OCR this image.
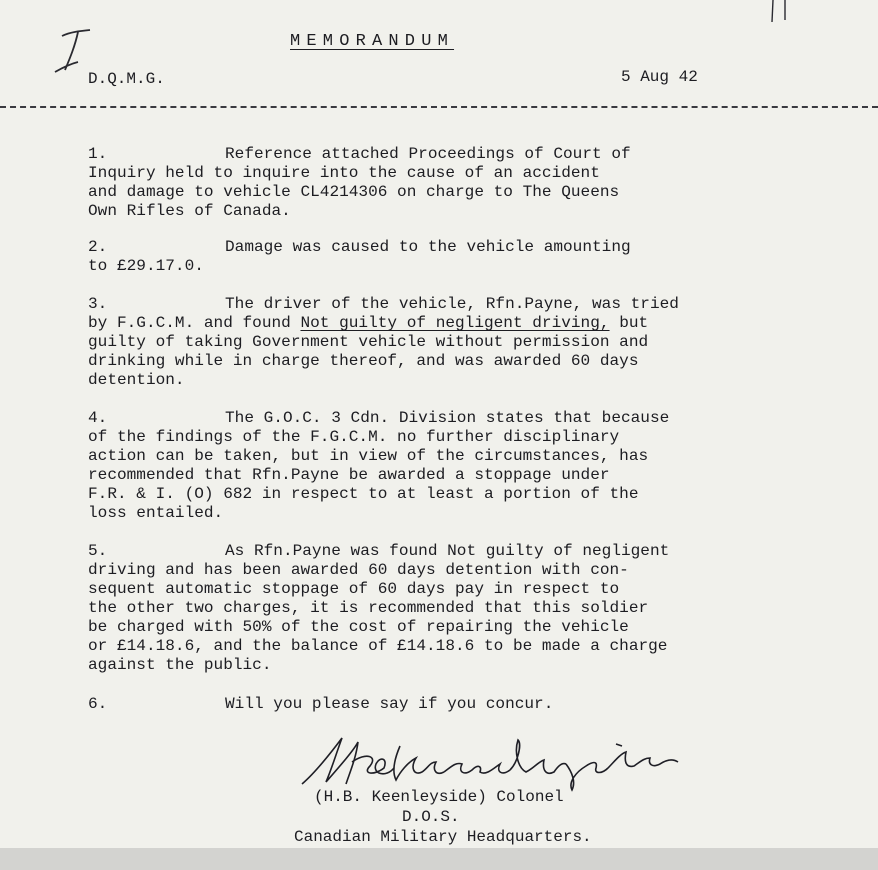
MEMORANDUM
D.Q.M.G.	5 Aug 42
1.	Reference attached Proceedings of Court of
Inquiry held to inquire into the cause of an accident
and damage to vehicle CL4214306 on charge to The Queens
Own Rifles of Canada.
2.	Damage was caused to the vehicle amounting
to £29.17.0.
3.	The driver of the vehicle, Rfn.Payne, was tried
by F.G.C.M. and found Not guilty of negligent driving, but
guilty of taking Government vehicle without permission and
drinking while in charge thereof, and was awarded 60 days
detention.
4.	The G.O.C. 3 Cdn. Division states that because
of the findings of the F.G.C.M. no further disciplinary
action can be taken, but in view of the circumstances, has
recommended that Rfn.Payne be awarded a stoppage under
F.R. & I. (O) 682 in respect to at least a portion of the
loss entailed.
5.	As Rfn.Payne was found Not guilty of negligent
driving and has been awarded 60 days detention with con-
sequent automatic stoppage of 60 days pay in respect to
the other two charges, it is recommended that this soldier
be charged with 50% of the cost of repairing the vehicle
or £14.18.6, and the balance of £14.18.6 to be made a charge
against the public.
6.	Will you please say if you concur.
(H.B. Keenleyside) Colonel
D.O.S.
Canadian Military Headquarters.
